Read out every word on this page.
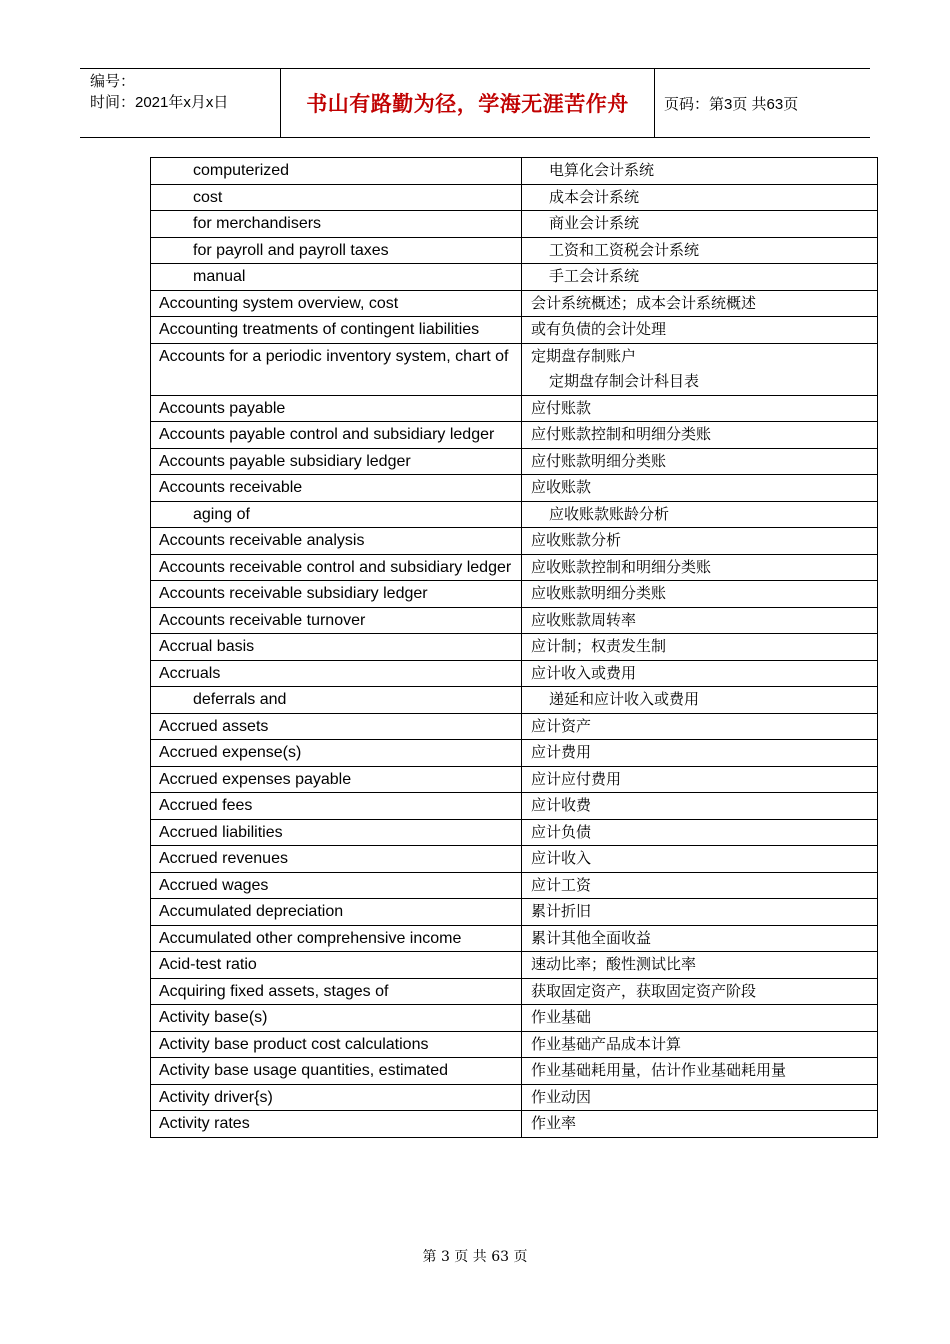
编号：
时间：2021年x月x日	书山有路勤为径，学海无涯苦作舟	页码：第3页 共63页
computerized	电算化会计系统

cost	成本会计系统

for merchandisers	商业会计系统

for payroll and payroll taxes	工资和工资税会计系统

manual	手工会计系统

Accounting system overview, cost	会计系统概述；成本会计系统概述

Accounting treatments of contingent liabilities	或有负债的会计处理

Accounts for a periodic inventory system, chart of	定期盘存制账户
定期盘存制会计科目表

Accounts payable	应付账款

Accounts payable control and subsidiary ledger	应付账款控制和明细分类账

Accounts payable subsidiary ledger	应付账款明细分类账

Accounts receivable	应收账款

aging of	应收账款账龄分析

Accounts receivable analysis	应收账款分析

Accounts receivable control and subsidiary ledger	应收账款控制和明细分类账

Accounts receivable subsidiary ledger	应收账款明细分类账

Accounts receivable turnover	应收账款周转率

Accrual basis	应计制；权责发生制

Accruals	应计收入或费用

deferrals and	递延和应计收入或费用

Accrued assets	应计资产

Accrued expense(s)	应计费用

Accrued expenses payable	应计应付费用

Accrued fees	应计收费

Accrued liabilities	应计负债

Accrued revenues	应计收入

Accrued wages	应计工资

Accumulated depreciation	累计折旧

Accumulated other comprehensive income	累计其他全面收益

Acid-test ratio	速动比率；酸性测试比率

Acquiring fixed assets, stages of	获取固定资产，获取固定资产阶段

Activity base(s)	作业基础

Activity base product cost calculations	作业基础产品成本计算

Activity base usage quantities, estimated	作业基础耗用量，估计作业基础耗用量

Activity driver{s)	作业动因

Activity rates	作业率
第 3 页 共 63 页
